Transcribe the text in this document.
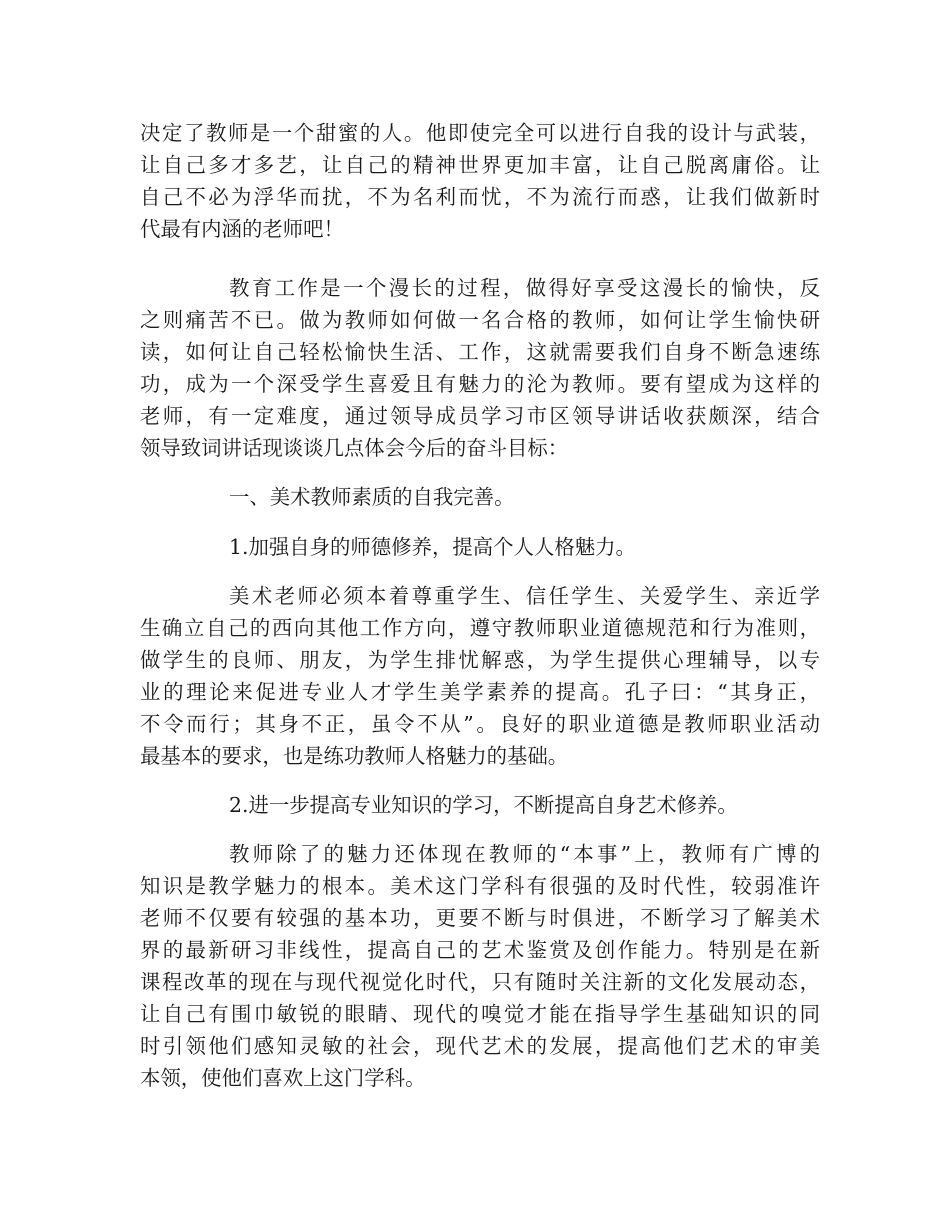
决定了教师是一个甜蜜的人。他即使完全可以进行自我的设计与武装，

让自己多才多艺，让自己的精神世界更加丰富，让自己脱离庸俗。让

自己不必为浮华而扰，不为名利而忧，不为流行而惑，让我们做新时

代最有内涵的老师吧！

教育工作是一个漫长的过程，做得好享受这漫长的愉快，反

之则痛苦不已。做为教师如何做一名合格的教师，如何让学生愉快研

读，如何让自己轻松愉快生活、工作，这就需要我们自身不断急速练

功，成为一个深受学生喜爱且有魅力的沦为教师。要有望成为这样的

老师，有一定难度，通过领导成员学习市区领导讲话收获颇深，结合

领导致词讲话现谈谈几点体会今后的奋斗目标：

一、美术教师素质的自我完善。

1.加强自身的师德修养，提高个人人格魅力。

美术老师必须本着尊重学生、信任学生、关爱学生、亲近学

生确立自己的西向其他工作方向，遵守教师职业道德规范和行为准则，

做学生的良师、朋友，为学生排忧解惑，为学生提供心理辅导，以专

业的理论来促进专业人才学生美学素养的提高。孔子曰：“其身正，

不令而行；其身不正，虽令不从”。良好的职业道德是教师职业活动

最基本的要求，也是练功教师人格魅力的基础。

2.进一步提高专业知识的学习，不断提高自身艺术修养。

教师除了的魅力还体现在教师的“本事”上，教师有广博的

知识是教学魅力的根本。美术这门学科有很强的及时代性，较弱准许

老师不仅要有较强的基本功，更要不断与时俱进，不断学习了解美术

界的最新研习非线性，提高自己的艺术鉴赏及创作能力。特别是在新

课程改革的现在与现代视觉化时代，只有随时关注新的文化发展动态，

让自己有围巾敏锐的眼睛、现代的嗅觉才能在指导学生基础知识的同

时引领他们感知灵敏的社会，现代艺术的发展，提高他们艺术的审美

本领，使他们喜欢上这门学科。
